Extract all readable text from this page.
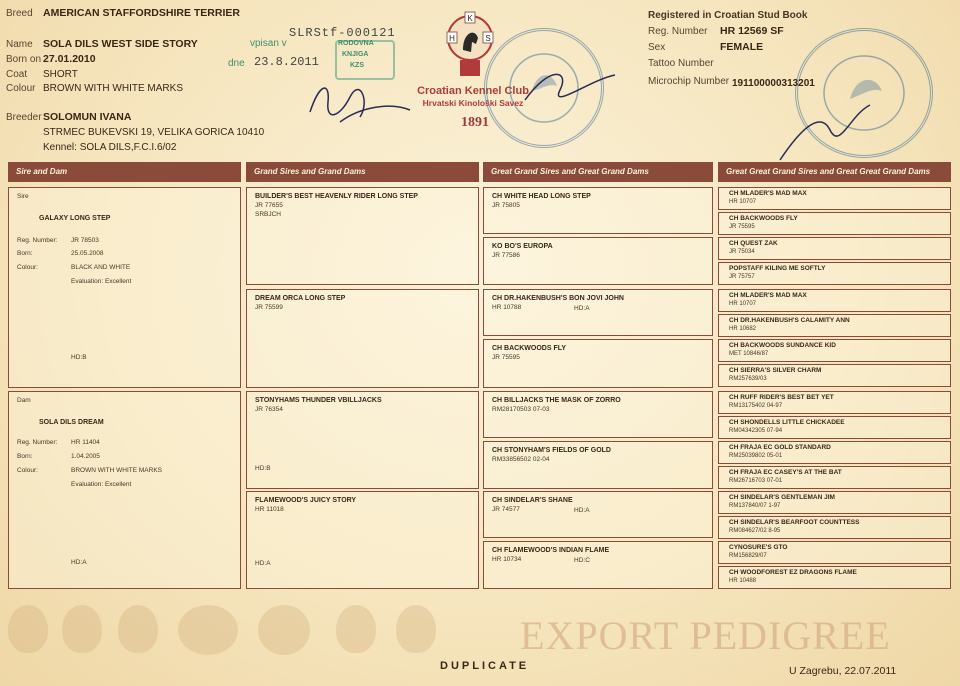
Breed AMERICAN STAFFORDSHIRE TERRIER
Name SOLA DILS WEST SIDE STORY
Born on 27.01.2010
Coat SHORT
Colour BROWN WITH WHITE MARKS
Breeder SOLOMUN IVANA
STRMEC BUKEVSKI 19, VELIKA GORICA 10410
Kennel: SOLA DILS,F.C.I.6/02
SLRStf-000121
vpisan v
dne
RODOVNA
KNJIGA
KZS
23.8.2011
K
H	S
Croatian Kennel Club
Hrvatski Kinološki Savez
1891
Registered in Croatian Stud Book
Reg. Number HR 12569 SF
Sex	FEMALE
Tattoo Number
Microchip Number 191100000313201
Sire and Dam	Grand Sires and Grand Dams	Great Grand Sires and Great Grand Dams	Great Great Grand Sires and Great Great Grand Dams
Sire
GALAXY LONG STEP
Reg. Number: JR 78503
Born:	25.05.2008
Colour:	BLACK AND WHITE
Evaluation: Excellent
HD:B
Dam
SOLA DILS DREAM
Reg. Number: HR 11404
Born:	1.04.2005
Colour:	BROWN WITH WHITE MARKS
Evaluation: Excellent
HD:A
BUILDER'S BEST HEAVENLY RIDER LONG STEP
JR 77655
SRBJCH
DREAM ORCA LONG STEP
JR 75599
STONYHAMS THUNDER VBILLJACKS
JR 76354
HD:B
FLAMEWOOD'S JUICY STORY
HR 11018
HD:A
CH WHITE HEAD LONG STEP
JR 75805
KO BO'S EUROPA
JR 77586
CH DR.HAKENBUSH'S BON JOVI JOHN
HR 10788	HD:A
CH BACKWOODS FLY
JR 75595
CH BILLJACKS THE MASK OF ZORRO
RM28170503 07-03
CH STONYHAM'S FIELDS OF GOLD
RM33856502 02-04
CH SINDELAR'S SHANE
JR 74577	HD:A
CH FLAMEWOOD'S INDIAN FLAME
HR 10734	HD:C
CH MLADER'S MAD MAX
HR 10707
CH BACKWOODS FLY
JR 75595
CH QUEST ZAK
JR 75034
POPSTAFF KILING ME SOFTLY
JR 75757
CH MLADER'S MAD MAX
HR 10707
CH DR.HAKENBUSH'S CALAMITY ANN
HR 10682
CH BACKWOODS SUNDANCE KID
MET 10846/87
CH SIERRA'S SILVER CHARM
RM257639/03
CH RUFF RIDER'S BEST BET YET
RM13175402 04-97
CH SHONDELLS LITTLE CHICKADEE
RM04342305 07-94
CH FRAJA EC GOLD STANDARD
RM25039802 05-01
CH FRAJA EC CASEY'S AT THE BAT
RM26716703 07-01
CH SINDELAR'S GENTLEMAN JIM
RM137840/07 1-97
CH SINDELAR'S BEARFOOT COUNTTESS
RM084627/02 8-95
CYNOSURE'S GTO
RM156829/07
CH WOODFOREST EZ DRAGONS FLAME
HR 10488
EXPORT PEDIGREE
DUPLICATE	U Zagrebu, 22.07.2011
